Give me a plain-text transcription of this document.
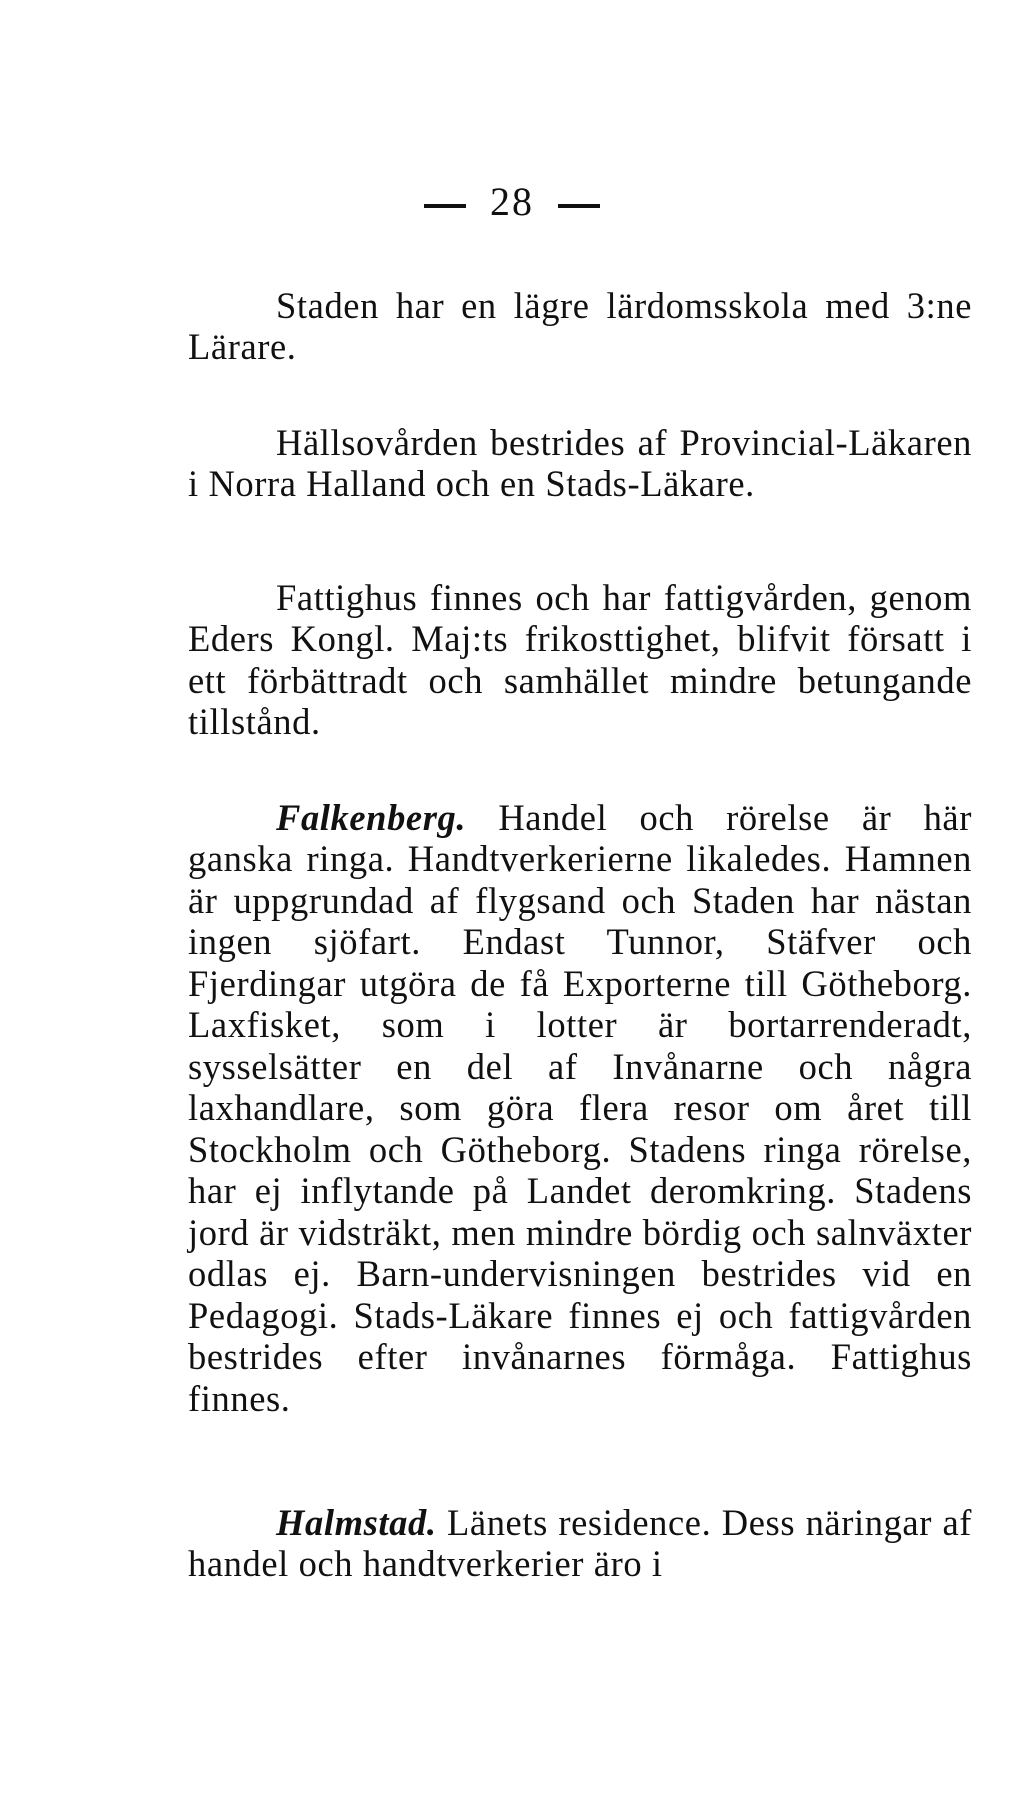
28

Staden har en lägre lärdomsskola med 3:ne Lärare.

Hällsovården bestrides af Provincial-Läkaren i Norra Halland och en Stads-Läkare.

Fattighus finnes och har fattigvården, genom Eders Kongl. Maj:ts frikosttighet, blifvit försatt i ett förbättradt och samhället mindre betungande tillstånd.

Falkenberg. Handel och rörelse är här ganska ringa. Handtverkerierne likaledes. Hamnen är uppgrundad af flygsand och Staden har nästan ingen sjöfart. Endast Tunnor, Stäfver och Fjerdingar utgöra de få Exporterne till Götheborg. Laxfisket, som i lotter är bortarrenderadt, sysselsätter en del af Invånarne och några laxhandlare, som göra flera resor om året till Stockholm och Götheborg. Stadens ringa rörelse, har ej inflytande på Landet deromkring. Stadens jord är vidsträkt, men mindre bördig och salnväxter odlas ej. Barn-undervisningen bestrides vid en Pedagogi. Stads-Läkare finnes ej och fattigvården bestrides efter invånarnes förmåga. Fattighus finnes.

Halmstad. Länets residence. Dess näringar af handel och handtverkerier äro i
